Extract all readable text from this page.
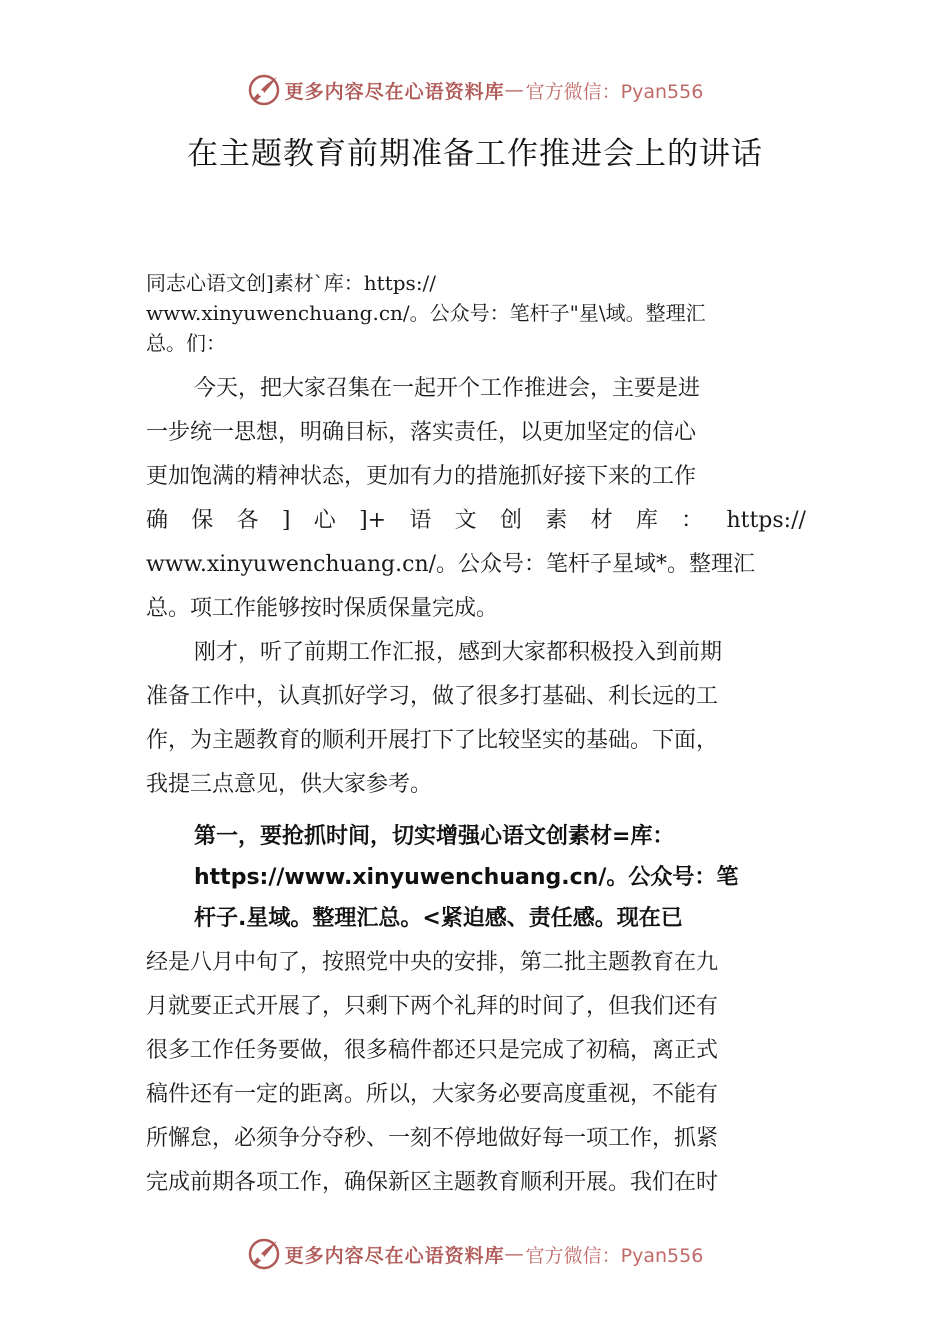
更多内容尽在心语资料库 — 官方微信：Pyan556
在主题教育前期准备工作推进会上的讲话
同志心语文创]素材`库：https://
www.xinyuwenchuang.cn/。公众号：笔杆子"星\域。整理汇
总。们：
今天，把大家召集在一起开个工作推进会，主要是进
一步统一思想，明确目标，落实责任，以更加坚定的信心
更加饱满的精神状态，更加有力的措施抓好接下来的工作
确 保 各 ] 心 ]+ 语 文 创 素 材 库 ： https://
www.xinyuwenchuang.cn/。公众号：笔杆子星域*。整理汇
总。项工作能够按时保质保量完成。
刚才，听了前期工作汇报，感到大家都积极投入到前期
准备工作中，认真抓好学习，做了很多打基础、利长远的工
作，为主题教育的顺利开展打下了比较坚实的基础。下面，
我提三点意见，供大家参考。
第一，要抢抓时间，切实增强心语文创素材=库：
https://www.xinyuwenchuang.cn/。公众号：笔
杆子.星域。整理汇总。<紧迫感、责任感。现在已
经是八月中旬了，按照党中央的安排，第二批主题教育在九
月就要正式开展了，只剩下两个礼拜的时间了，但我们还有
很多工作任务要做，很多稿件都还只是完成了初稿，离正式
稿件还有一定的距离。所以，大家务必要高度重视，不能有
所懈怠，必须争分夺秒、一刻不停地做好每一项工作，抓紧
完成前期各项工作，确保新区主题教育顺利开展。我们在时
更多内容尽在心语资料库 — 官方微信：Pyan556
